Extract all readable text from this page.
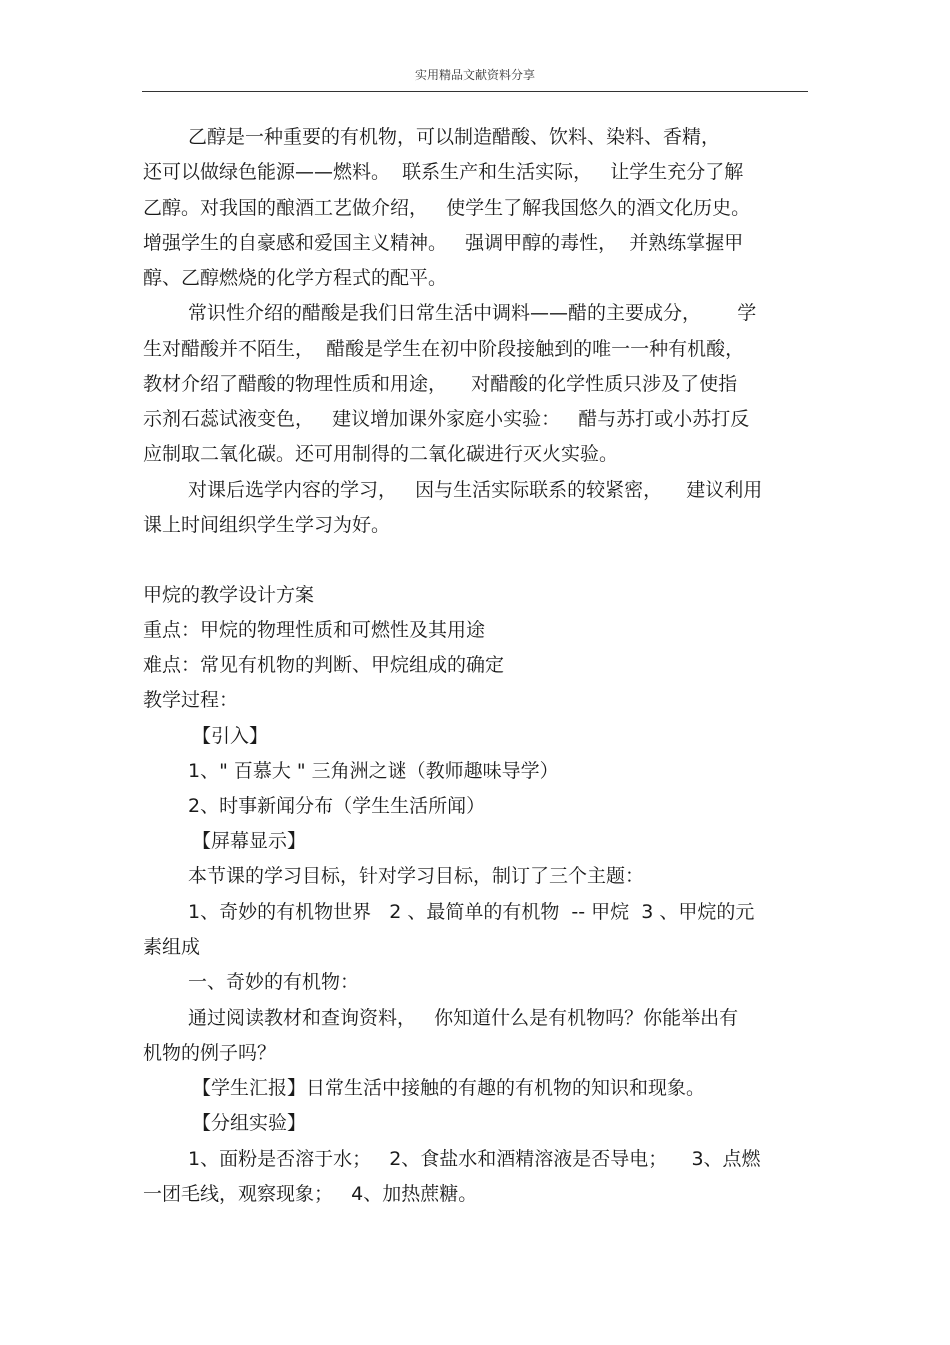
实用精品文献资料分享
乙醇是一种重要的有机物，可以制造醋酸、饮料、染料、香精，
还可以做绿色能源——燃料。  联系生产和生活实际，   让学生充分了解
乙醇。对我国的酿酒工艺做介绍，   使学生了解我国悠久的酒文化历史。
增强学生的自豪感和爱国主义精神。   强调甲醇的毒性，  并熟练掌握甲
醇、乙醇燃烧的化学方程式的配平。
常识性介绍的醋酸是我们日常生活中调料——醋的主要成分，      学
生对醋酸并不陌生，  醋酸是学生在初中阶段接触到的唯一一种有机酸，
教材介绍了醋酸的物理性质和用途，    对醋酸的化学性质只涉及了使指
示剂石蕊试液变色，   建议增加课外家庭小实验：   醋与苏打或小苏打反
应制取二氧化碳。还可用制得的二氧化碳进行灭火实验。
对课后选学内容的学习，   因与生活实际联系的较紧密，    建议利用
课上时间组织学生学习为好。
甲烷的教学设计方案
重点：甲烷的物理性质和可燃性及其用途
难点：常见有机物的判断、甲烷组成的确定
教学过程：
【引入】
1、" 百慕大 " 三角洲之谜（教师趣味导学）
2、时事新闻分布（学生生活所闻）
【屏幕显示】
本节课的学习目标，针对学习目标，制订了三个主题：
1、奇妙的有机物世界   2 、最简单的有机物  -- 甲烷  3 、甲烷的元
素组成
一、奇妙的有机物：
通过阅读教材和查询资料，   你知道什么是有机物吗？你能举出有
机物的例子吗？
【学生汇报】日常生活中接触的有趣的有机物的知识和现象。
【分组实验】
1、面粉是否溶于水；   2、食盐水和酒精溶液是否导电；    3、点燃
一团毛线，观察现象；   4、加热蔗糖。
